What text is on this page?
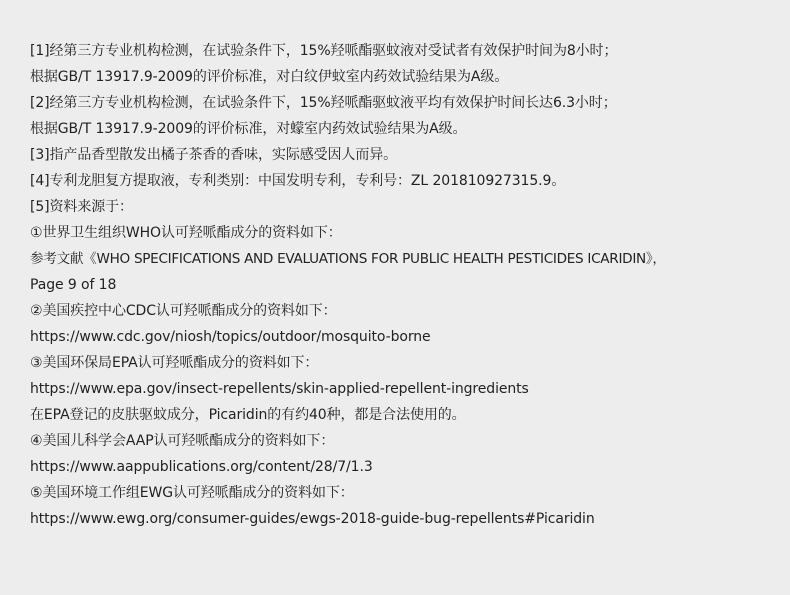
[1]经第三方专业机构检测，在试验条件下，15%羟哌酯驱蚊液对受试者有效保护时间为8小时；
根据GB/T 13917.9-2009的评价标准，对白纹伊蚊室内药效试验结果为A级。
[2]经第三方专业机构检测，在试验条件下，15%羟哌酯驱蚊液平均有效保护时间长达6.3小时；
根据GB/T 13917.9-2009的评价标准，对蠓室内药效试验结果为A级。
[3]指产品香型散发出橘子茶香的香味，实际感受因人而异。
[4]专利龙胆复方提取液，专利类别：中国发明专利，专利号：ZL 201810927315.9。
[5]资料来源于：
①世界卫生组织WHO认可羟哌酯成分的资料如下：
参考文献《WHO SPECIFICATIONS AND EVALUATIONS FOR PUBLIC HEALTH PESTICIDES ICARIDIN》，
Page 9 of 18
②美国疾控中心CDC认可羟哌酯成分的资料如下：
https://www.cdc.gov/niosh/topics/outdoor/mosquito-borne
③美国环保局EPA认可羟哌酯成分的资料如下：
https://www.epa.gov/insect-repellents/skin-applied-repellent-ingredients
在EPA登记的皮肤驱蚊成分，Picaridin的有约40种，都是合法使用的。
④美国儿科学会AAP认可羟哌酯成分的资料如下：
https://www.aappublications.org/content/28/7/1.3
⑤美国环境工作组EWG认可羟哌酯成分的资料如下：
https://www.ewg.org/consumer-guides/ewgs-2018-guide-bug-repellents#Picaridin
